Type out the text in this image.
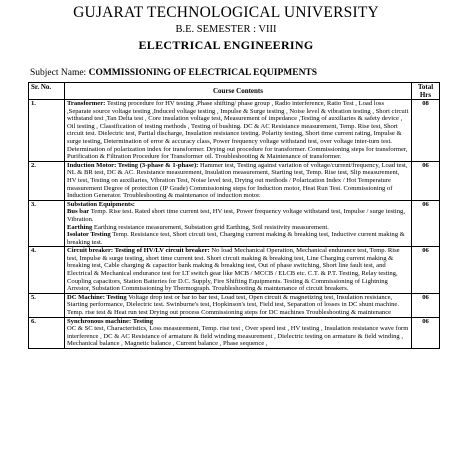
GUJARAT TECHNOLOGICAL UNIVERSITY
B.E. SEMESTER : VIII
ELECTRICAL ENGINEERING
Subject Name: COMMISSIONING OF ELECTRICAL EQUIPMENTS
Sr. No.	Course Contents	Total Hrs
1.	Transformer: Testing procedure for HV testing ,Phase shifting/ phase group , Radio interference, Ratio Test , Load loss ,Separate source voltage testing ,Induced voltage testing , Impulse & Surge testing , Noise level & vibration testing , Short circuit withstand test ,Tan Delta test , Core insulation voltage test, Measurement of impedance ,Testing of auxiliaries & safety device , Oil testing , Classification of testing methods , Testing of bushing. DC & AC Resistance measurement, Temp. Rise test, Short circuit test. Dielectric test, Partial discharge, Insulation resistance testing. Polarity testing, Short time current rating, Impulse & surge testing, Determination of error & accuracy class, Power frequency voltage withstand test, over voltage inter-turn test. Determination of polarization index for transformer. Drying out procedure for transformer. Commissioning steps for transformer, Purification & Filtration Procedure for Transformer oil. Troubleshooting & Maintenance of transformer.	08
2.	Induction Motor: Testing (3-phase & 1-phase): Hammer test, Testing against variation of voltage/current/frequency, Load test, NL & BR test, DC & AC. Resistance measurement, Insulation measurement, Starting test, Temp. Rise test, Slip measurement, HV test, Testing on auxiliaries, Vibration Test, Noise level test, Drying out methods / Polarization Index / Hot Temperature measurement Degree of protection (IP Grade) Commissioning steps for Induction motor, Heat Run Test. Commissioning of Induction Generator. Troubleshooting & maintenance of induction motor.	06
3.	Substation Equipments:
Bus bar Temp. Rise test. Rated short time current test, HV test, Power frequency voltage withstand test, Impulse / surge testing, Vibration.
Earthing Earthing resistance measurement, Substation grid Earthing, Soil resistivity measurement.
Isolator Testing Temp. Resistance test, Short circuit test, Charging current making & breaking test, Inductive current making & breaking test.	06
4.	Circuit breaker: Testing of HV/LV circuit breaker: No load Mechanical Operation, Mechanical endurance test, Temp. Rise test, Impulse & surge testing, short time current test. Short circuit making & breaking test, Line Charging current making & breaking test, Cable charging & capacitor bank making & breaking test, Out of phase switching, Short line fault test, and Electrical & Mechanical endurance test for LT switch gear like MCB / MCCB / ELCB etc. C.T. & P.T. Testing, Relay testing, Coupling capacitors, Station Batteries for D.C. Supply, Fire Shifting Equipments. Testing & Commissioning of Lightning Arrestor, Substation Commissioning by Thermograph. Troubleshooting & maintenance of circuit breakers.	06
5.	DC Machine: Testing Voltage drop test or bar to bar test, Load test, Open circuit & magnetizing test, Insulation resistance, Starting performance, Dielectric test. Swinburne's test, Hopkinson's test, Field test, Separation of losses in DC shunt machine. Temp. rise test & Heat run test Drying out process Commissioning steps for DC machines Troubleshooting & maintenance	06
6.	Synchronous machine: Testing
OC & SC test, Characteristics, Loss measurement, Temp. rise test , Over speed test , HV testing , Insulation resistance wave form interference , DC & AC Resistance of armature & field winding measurement , Dielectric testing on armature & field winding , Mechanical balance , Magnetic balance , Current balance , Phase sequence ,	06
